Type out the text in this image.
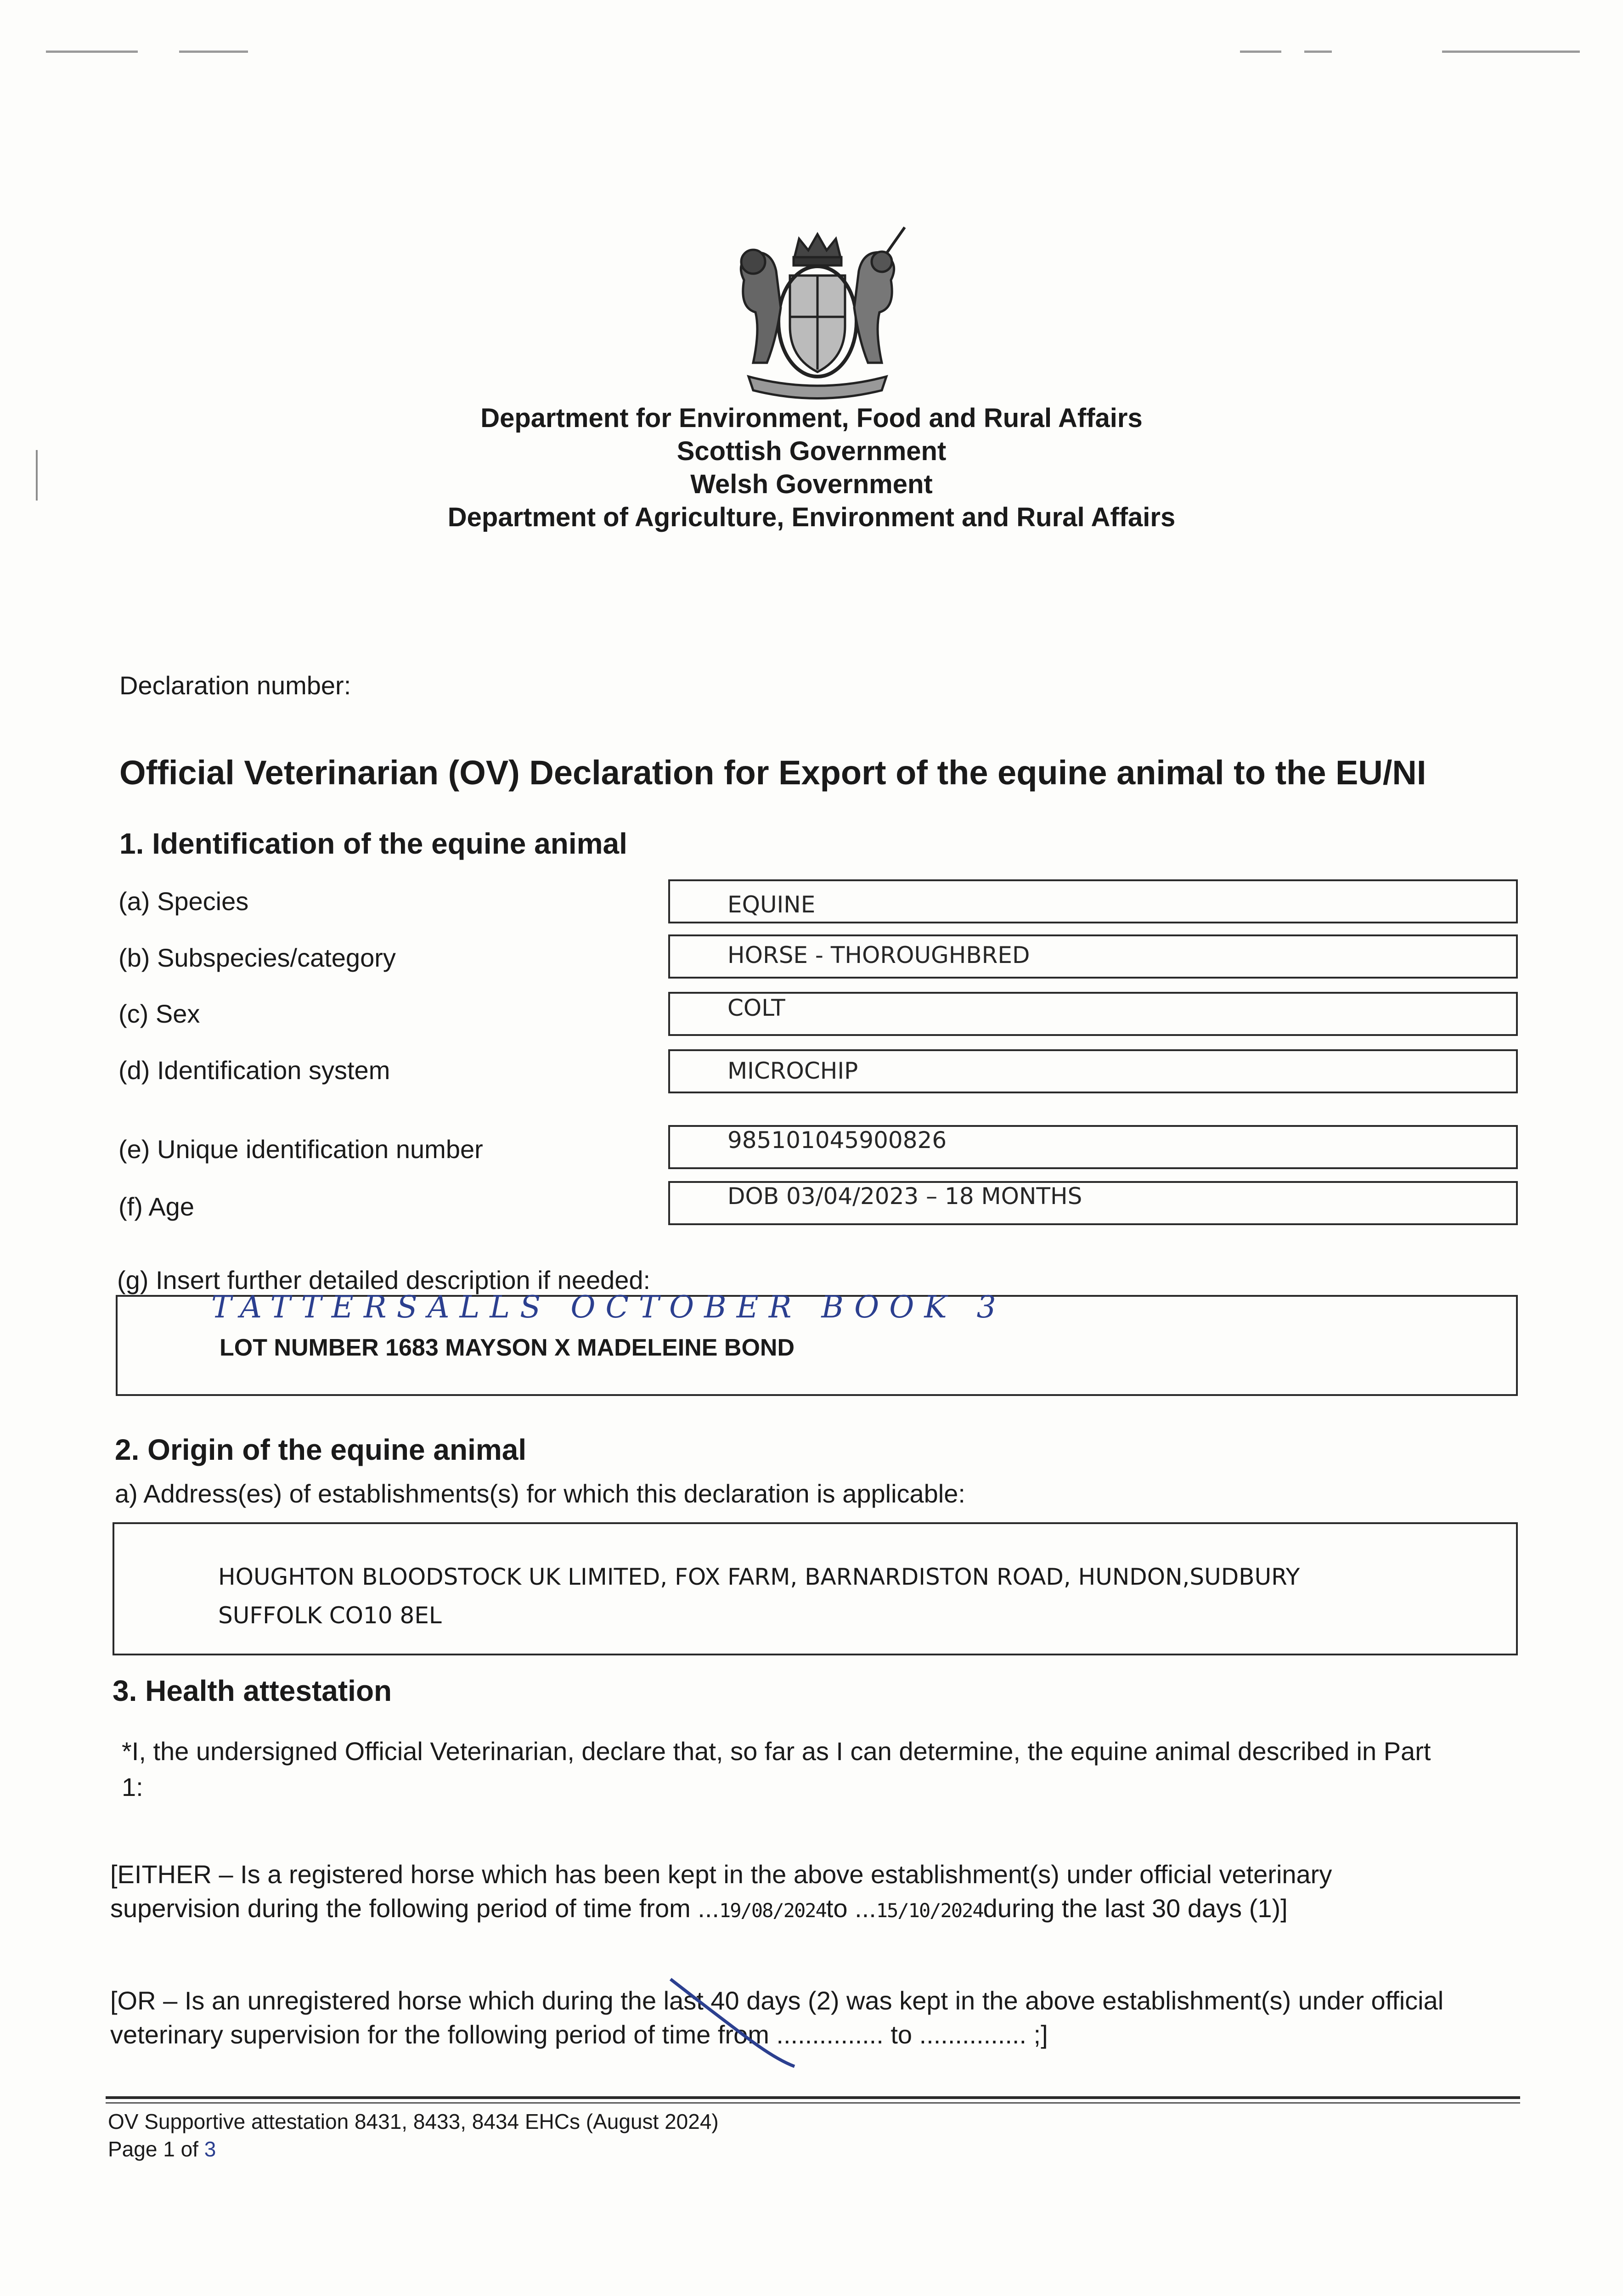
Department for Environment, Food and Rural Affairs
Scottish Government
Welsh Government
Department of Agriculture, Environment and Rural Affairs
Declaration number:
Official Veterinarian (OV) Declaration for Export of the equine animal to the EU/NI
1. Identification of the equine animal
(a) Species	EQUINE
(b) Subspecies/category	HORSE - THOROUGHBRED
(c) Sex	COLT
(d) Identification system	MICROCHIP
(e) Unique identification number	985101045900826
(f) Age	DOB 03/04/2023 – 18 MONTHS
(g) Insert further detailed description if needed:
TATTERSALLS OCTOBER BOOK 3
LOT NUMBER 1683 MAYSON X MADELEINE BOND
2. Origin of the equine animal
a) Address(es) of establishments(s) for which this declaration is applicable:
HOUGHTON BLOODSTOCK UK LIMITED, FOX FARM, BARNARDISTON ROAD, HUNDON,SUDBURY
SUFFOLK CO10 8EL
3. Health attestation
*I, the undersigned Official Veterinarian, declare that, so far as I can determine, the equine animal described in Part
1:
[EITHER – Is a registered horse which has been kept in the above establishment(s) under official veterinary
supervision during the following period of time from ...19/08/2024to ...15/10/2024during the last 30 days (1)]
[OR – Is an unregistered horse which during the last 40 days (2) was kept in the above establishment(s) under official
veterinary supervision for the following period of time from ............... to ............... ;]
OV Supportive attestation 8431, 8433, 8434 EHCs (August 2024)
Page 1 of 3
